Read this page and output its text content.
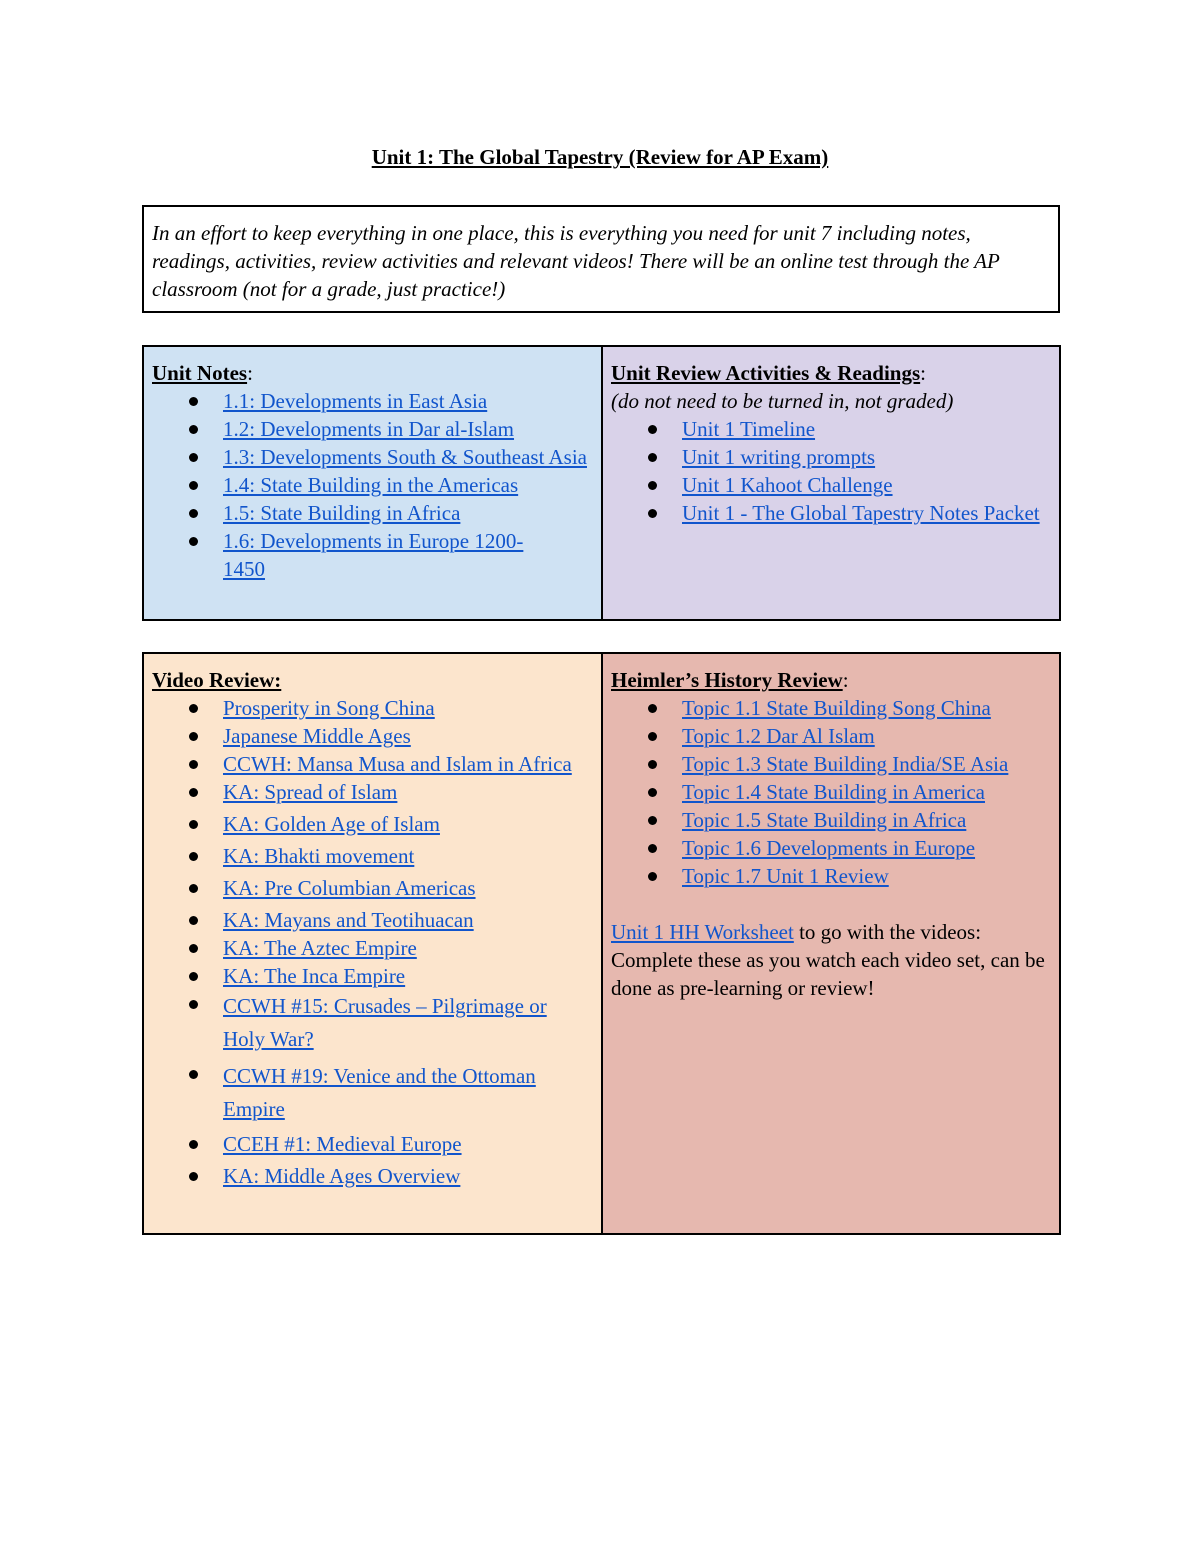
Unit 1: The Global Tapestry (Review for AP Exam)
In an effort to keep everything in one place, this is everything you need for unit 7 including notes, readings, activities, review activities and relevant videos! There will be an online test through the AP classroom (not for a grade, just practice!)
Unit Notes:
1.1: Developments in East Asia
1.2: Developments in Dar al-Islam
1.3: Developments South & Southeast Asia
1.4: State Building in the Americas
1.5: State Building in Africa
1.6: Developments in Europe 1200-1450
Unit Review Activities & Readings:
(do not need to be turned in, not graded)
Unit 1 Timeline
Unit 1 writing prompts
Unit 1 Kahoot Challenge
Unit 1 - The Global Tapestry Notes Packet
Video Review:
Prosperity in Song China
Japanese Middle Ages
CCWH: Mansa Musa and Islam in Africa
KA: Spread of Islam
KA: Golden Age of Islam
KA: Bhakti movement
KA: Pre Columbian Americas
KA: Mayans and Teotihuacan
KA: The Aztec Empire
KA: The Inca Empire
CCWH #15: Crusades – Pilgrimage or Holy War?
CCWH #19: Venice and the Ottoman Empire
CCEH #1: Medieval Europe
KA: Middle Ages Overview
Heimler’s History Review:
Topic 1.1 State Building Song China
Topic 1.2 Dar Al Islam
Topic 1.3 State Building India/SE Asia
Topic 1.4 State Building in America
Topic 1.5 State Building in Africa
Topic 1.6 Developments in Europe
Topic 1.7 Unit 1 Review
Unit 1 HH Worksheet to go with the videos: Complete these as you watch each video set, can be done as pre-learning or review!
